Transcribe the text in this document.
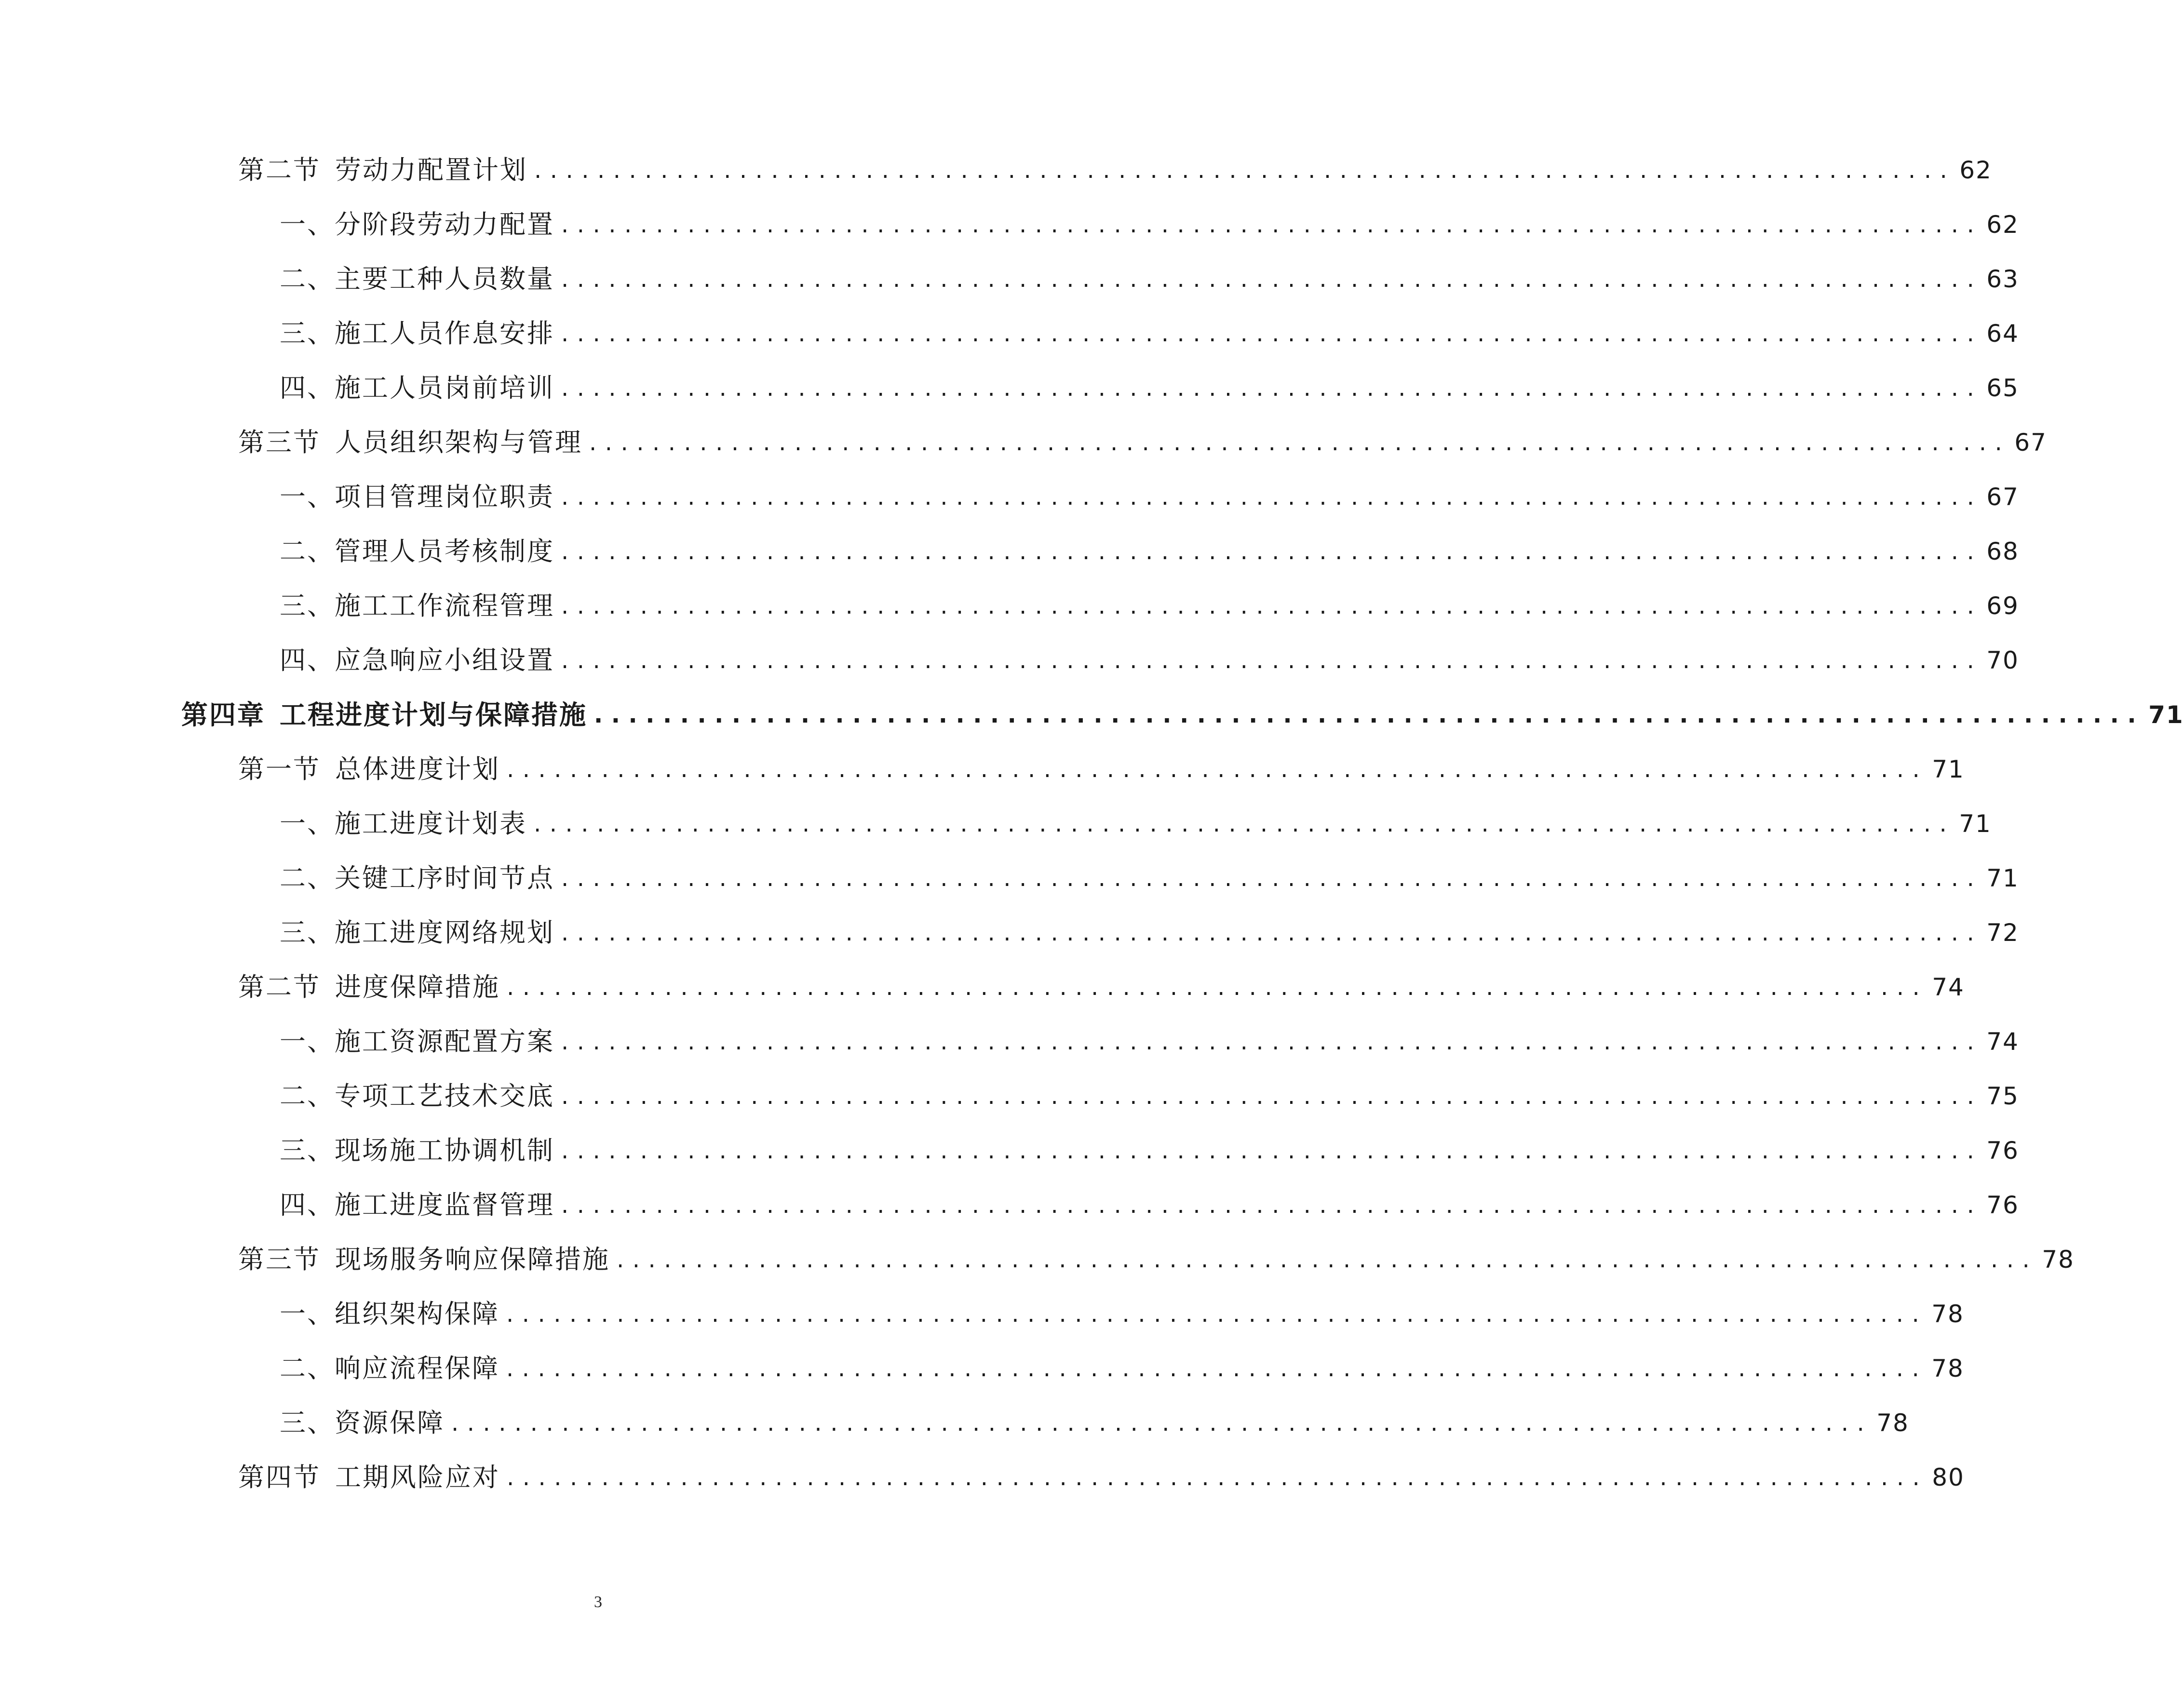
第二节 劳动力配置计划 .......................................................................................... 62
一、分阶段劳动力配置 .......................................................................................... 62
二、主要工种人员数量 .......................................................................................... 63
三、施工人员作息安排 .......................................................................................... 64
四、施工人员岗前培训 .......................................................................................... 65
第三节 人员组织架构与管理 .......................................................................................... 67
一、项目管理岗位职责 .......................................................................................... 67
二、管理人员考核制度 .......................................................................................... 68
三、施工工作流程管理 .......................................................................................... 69
四、应急响应小组设置 .......................................................................................... 70
第四章 工程进度计划与保障措施 .......................................................................................... 71
第一节 总体进度计划 .......................................................................................... 71
一、施工进度计划表 .......................................................................................... 71
二、关键工序时间节点 .......................................................................................... 71
三、施工进度网络规划 .......................................................................................... 72
第二节 进度保障措施 .......................................................................................... 74
一、施工资源配置方案 .......................................................................................... 74
二、专项工艺技术交底 .......................................................................................... 75
三、现场施工协调机制 .......................................................................................... 76
四、施工进度监督管理 .......................................................................................... 76
第三节 现场服务响应保障措施 .......................................................................................... 78
一、组织架构保障 .......................................................................................... 78
二、响应流程保障 .......................................................................................... 78
三、资源保障 .......................................................................................... 78
第四节 工期风险应对 .......................................................................................... 80
3
